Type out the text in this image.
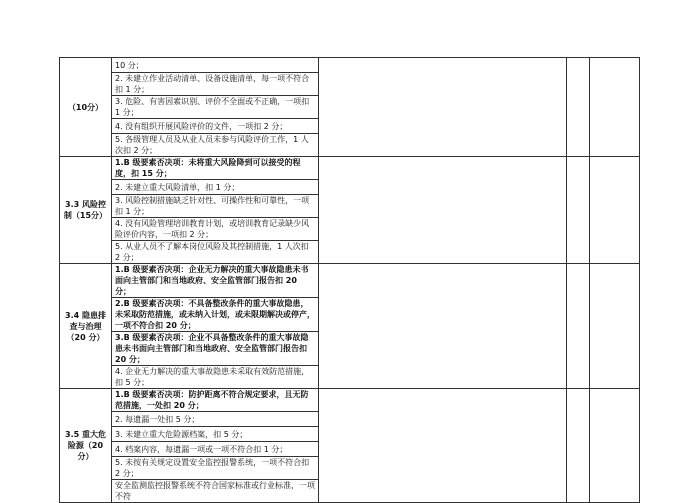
（10分）	10 分；			
	2. 未建立作业活动清单、设备设施清单，每一项不符合扣 1 分；			
	3. 危险、有害因素识别、评价不全面或不正确，一项扣 1 分；			
	4. 没有组织开展风险评价的文件，一项扣 2 分；			
	5. 各级管理人员及从业人员未参与风险评价工作，1 人次扣 2 分；			
3.3 风险控制（15分）	1.B 级要素否决项：未将重大风险降到可以接受的程度，扣 15 分；			
	2. 未建立重大风险清单，扣 1 分；			
	3. 风险控制措施缺乏针对性、可操作性和可靠性，一项扣 1 分；			
	4. 没有风险管理培训教育计划，或培训教育记录缺少风险评价内容，一项扣 2 分；			
	5. 从业人员不了解本岗位风险及其控制措施，1 人次扣 2 分；			
3.4 隐患排查与治理（20 分）	1.B 级要素否决项：企业无力解决的重大事故隐患未书面向主管部门和当地政府、安全监管部门报告扣 20 分；			
	2.B 级要素否决项：不具备整改条件的重大事故隐患，未采取防范措施，或未纳入计划，或未限期解决或停产，一项不符合扣 20 分；			
	3.B 级要素否决项：企业不具备整改条件的重大事故隐患未书面向主管部门和当地政府、安全监管部门报告扣 20 分；			
	4. 企业无力解决的重大事故隐患未采取有效防范措施，扣 5 分；			
3.5 重大危险源（20 分）	1.B 级要素否决项：防护距离不符合规定要求，且无防范措施，一处扣 20 分；			
	2. 每遗漏一处扣 5 分；			
	3. 未建立重大危险源档案，扣 5 分；			
	4. 档案内容，每遗漏一项或一项不符合扣 1 分；			
	5. 未按有关规定设置安全监控报警系统，一项不符合扣 2 分；			
	安全监测监控报警系统不符合国家标准或行业标准，一项不符			
